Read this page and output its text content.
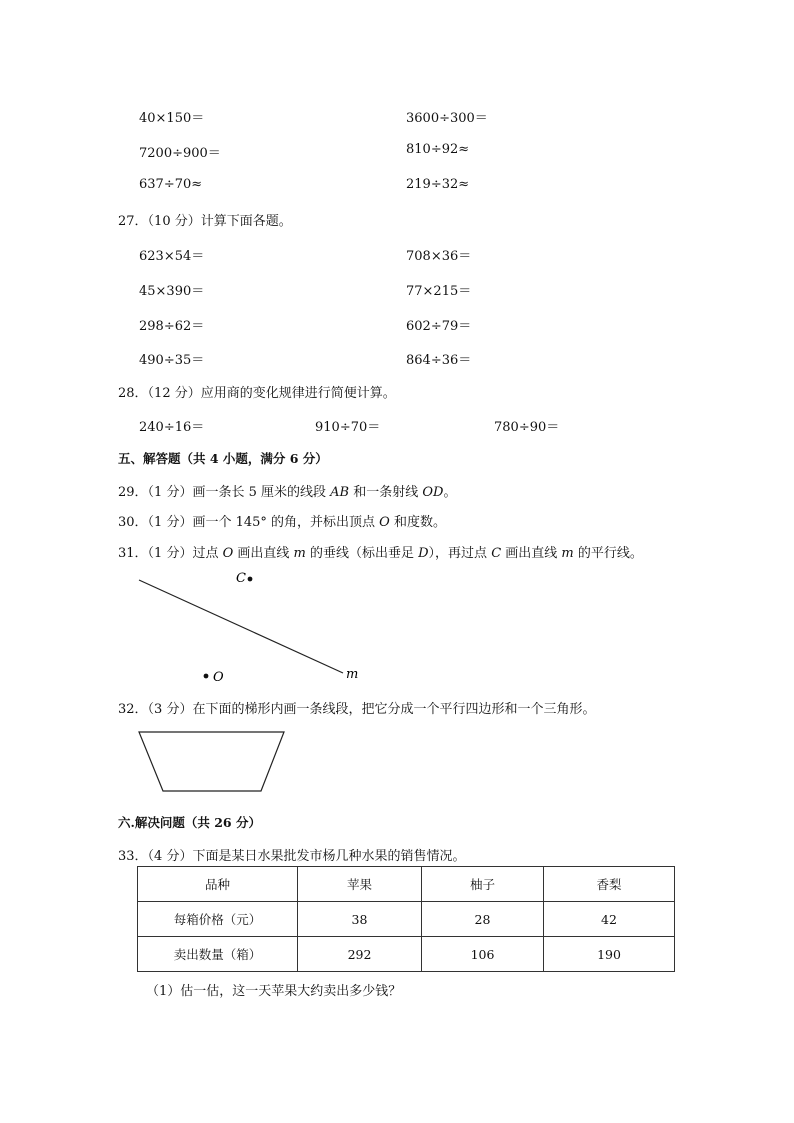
40×150＝	3600÷300＝
7200÷900＝	810÷92≈
637÷70≈	219÷32≈
27．（10 分）计算下面各题。
623×54＝	708×36＝
45×390＝	77×215＝
298÷62＝	602÷79＝
490÷35＝	864÷36＝
28．（12 分）应用商的变化规律进行简便计算。
240÷16＝	910÷70＝	780÷90＝
五、解答题（共 4 小题，满分 6 分）
29．（1 分）画一条长 5 厘米的线段 AB 和一条射线 OD。
30．（1 分）画一个 145° 的角，并标出顶点 O 和度数。
31．（1 分）过点 O 画出直线 m 的垂线（标出垂足 D），再过点 C 画出直线 m 的平行线。
C
O	m
32．（3 分）在下面的梯形内画一条线段，把它分成一个平行四边形和一个三角形。
六.解决问题（共 26 分）
33．（4 分）下面是某日水果批发市杨几种水果的销售情况。
品种	苹果	柚子	香梨
每箱价格（元）	38	28	42
卖出数量（箱）	292	106	190
（1）估一估，这一天苹果大约卖出多少钱？
